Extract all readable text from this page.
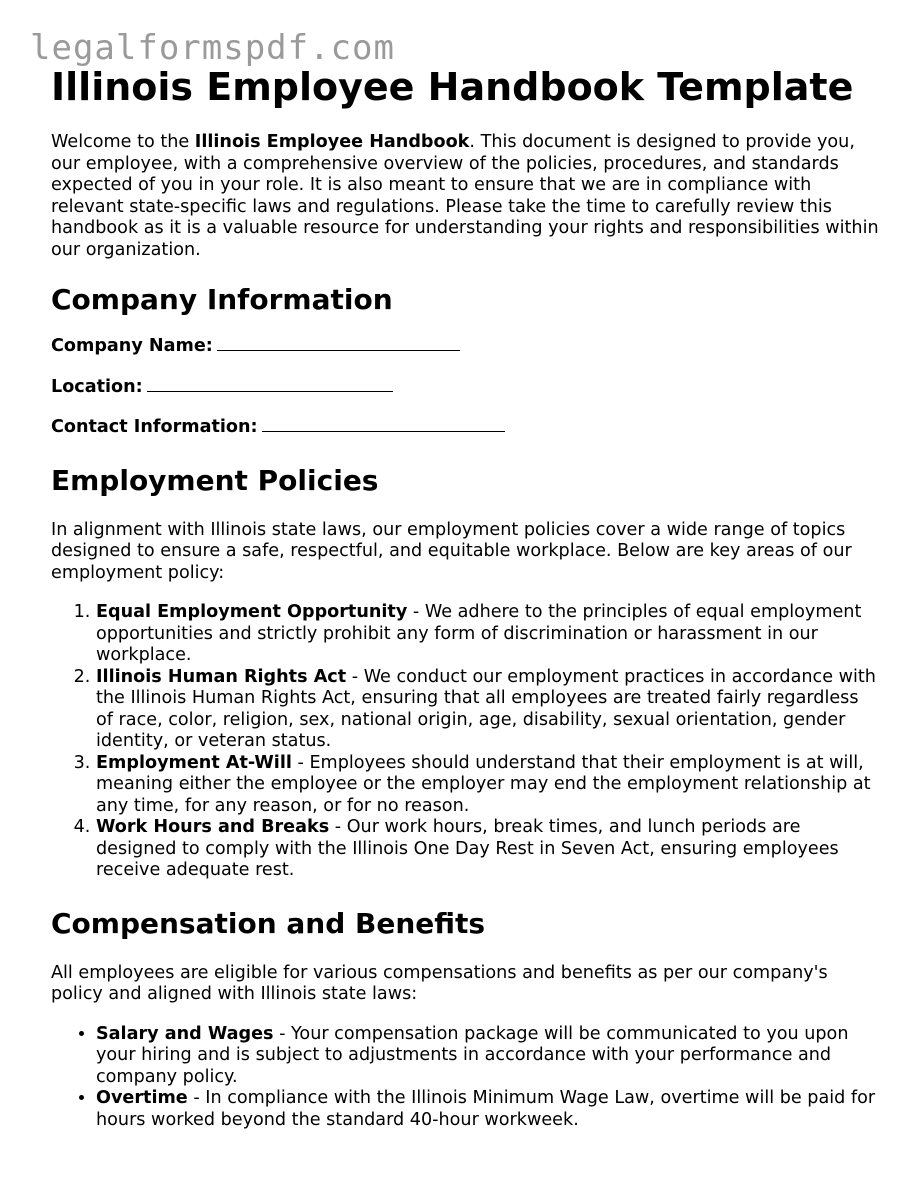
legalformspdf.com
Illinois Employee Handbook Template

Welcome to the Illinois Employee Handbook. This document is designed to provide you, our employee, with a comprehensive overview of the policies, procedures, and standards expected of you in your role. It is also meant to ensure that we are in compliance with relevant state-specific laws and regulations. Please take the time to carefully review this handbook as it is a valuable resource for understanding your rights and responsibilities within our organization.

Company Information
Company Name:
Location:
Contact Information:
Employment Policies

In alignment with Illinois state laws, our employment policies cover a wide range of topics designed to ensure a safe, respectful, and equitable workplace. Below are key areas of our employment policy:

1. Equal Employment Opportunity - We adhere to the principles of equal employment opportunities and strictly prohibit any form of discrimination or harassment in our workplace.
2. Illinois Human Rights Act - We conduct our employment practices in accordance with the Illinois Human Rights Act, ensuring that all employees are treated fairly regardless of race, color, religion, sex, national origin, age, disability, sexual orientation, gender identity, or veteran status.
3. Employment At-Will - Employees should understand that their employment is at will, meaning either the employee or the employer may end the employment relationship at any time, for any reason, or for no reason.
4. Work Hours and Breaks - Our work hours, break times, and lunch periods are designed to comply with the Illinois One Day Rest in Seven Act, ensuring employees receive adequate rest.
Compensation and Benefits

All employees are eligible for various compensations and benefits as per our company's policy and aligned with Illinois state laws:

• Salary and Wages - Your compensation package will be communicated to you upon your hiring and is subject to adjustments in accordance with your performance and company policy.
• Overtime - In compliance with the Illinois Minimum Wage Law, overtime will be paid for hours worked beyond the standard 40-hour workweek.
